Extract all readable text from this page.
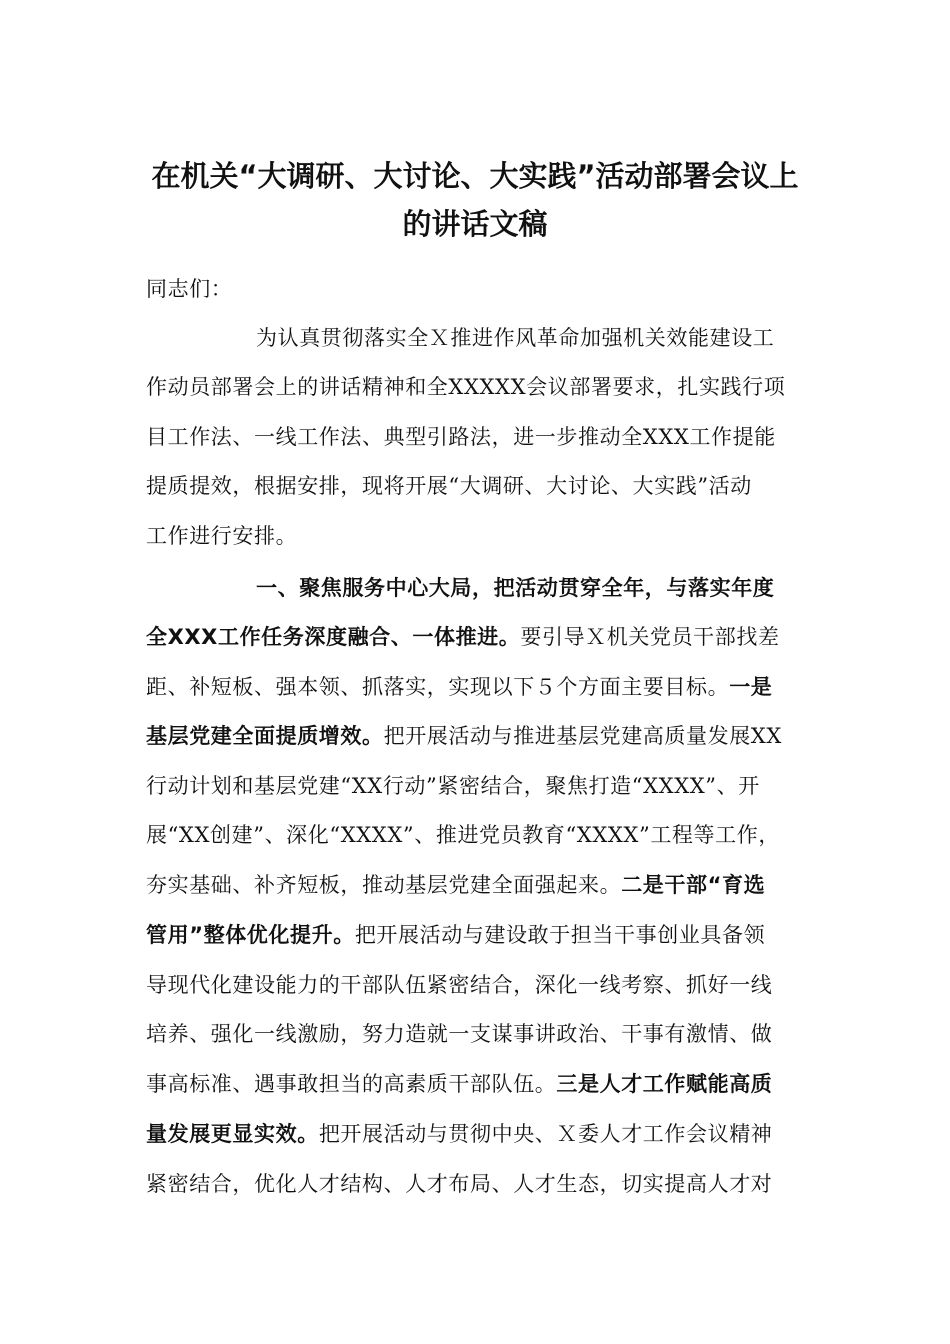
在机关“大调研、大讨论、大实践”活动部署会议上
的讲话文稿

同志们：

为认真贯彻落实全Ｘ推进作风革命加强机关效能建设工

作动员部署会上的讲话精神和全XXXXX会议部署要求，扎实践行项

目工作法、一线工作法、典型引路法，进一步推动全XXX工作提能

提质提效，根据安排，现将开展“大调研、大讨论、大实践”活动

工作进行安排。

一、聚焦服务中心大局，把活动贯穿全年，与落实年度

全XXX工作任务深度融合、一体推进。要引导Ｘ机关党员干部找差

距、补短板、强本领、抓落实，实现以下５个方面主要目标。一是

基层党建全面提质增效。把开展活动与推进基层党建高质量发展XX

行动计划和基层党建“XX行动”紧密结合，聚焦打造“XXXX”、开

展“XX创建”、深化“XXXX”、推进党员教育“XXXX”工程等工作，

夯实基础、补齐短板，推动基层党建全面强起来。二是干部“育选

管用”整体优化提升。把开展活动与建设敢于担当干事创业具备领

导现代化建设能力的干部队伍紧密结合，深化一线考察、抓好一线

培养、强化一线激励，努力造就一支谋事讲政治、干事有激情、做

事高标准、遇事敢担当的高素质干部队伍。三是人才工作赋能高质

量发展更显实效。把开展活动与贯彻中央、Ｘ委人才工作会议精神

紧密结合，优化人才结构、人才布局、人才生态，切实提高人才对
